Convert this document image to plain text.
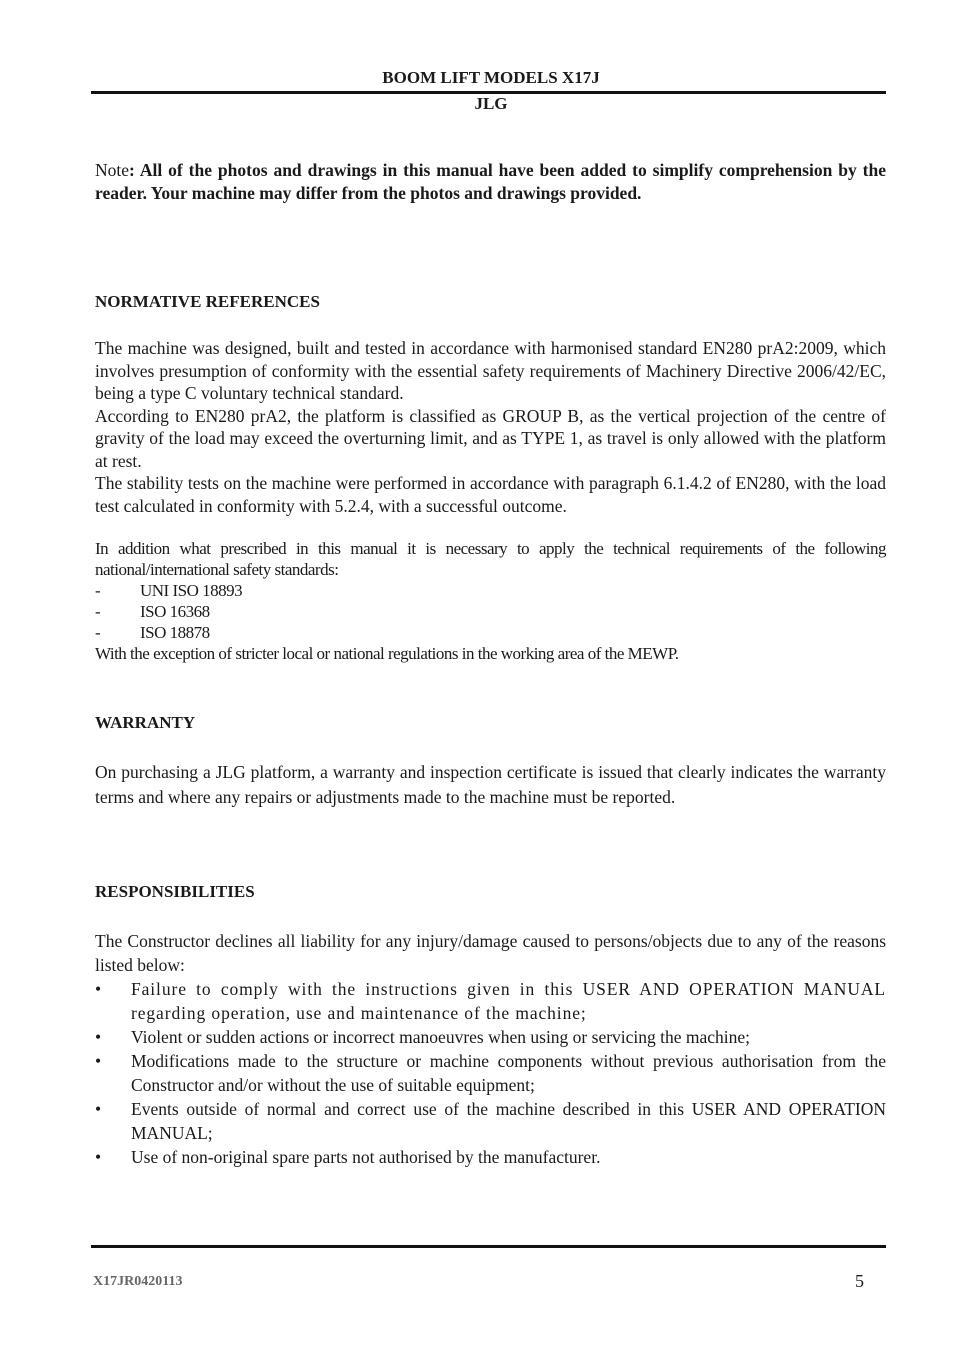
BOOM LIFT MODELS X17J
JLG
Note: All of the photos and drawings in this manual have been added to simplify comprehension by the reader. Your machine may differ from the photos and drawings provided.
NORMATIVE REFERENCES

The machine was designed, built and tested in accordance with harmonised standard EN280 prA2:2009, which involves presumption of conformity with the essential safety requirements of Machinery Directive 2006/42/EC, being a type C voluntary technical standard.

According to EN280 prA2, the platform is classified as GROUP B, as the vertical projection of the centre of gravity of the load may exceed the overturning limit, and as TYPE 1, as travel is only allowed with the platform at rest.

The stability tests on the machine were performed in accordance with paragraph 6.1.4.2 of EN280, with the load test calculated in conformity with 5.2.4, with a successful outcome.

In addition what prescribed in this manual it is necessary to apply the technical requirements of the following national/international safety standards:

-	UNI ISO 18893
-	ISO 16368
-	ISO 18878

With the exception of stricter local or national regulations in the working area of the MEWP.

WARRANTY
On purchasing a JLG platform, a warranty and inspection certificate is issued that clearly indicates the warranty terms and where any repairs or adjustments made to the machine must be reported.
RESPONSIBILITIES

The Constructor declines all liability for any injury/damage caused to persons/objects due to any of the reasons listed below:

•	Failure to comply with the instructions given in this USER AND OPERATION MANUAL regarding operation, use and maintenance of the machine;
•	Violent or sudden actions or incorrect manoeuvres when using or servicing the machine;
•	Modifications made to the structure or machine components without previous authorisation from the Constructor and/or without the use of suitable equipment;
•	Events outside of normal and correct use of the machine described in this USER AND OPERATION MANUAL;
•	Use of non-original spare parts not authorised by the manufacturer.
X17JR0420113	5
